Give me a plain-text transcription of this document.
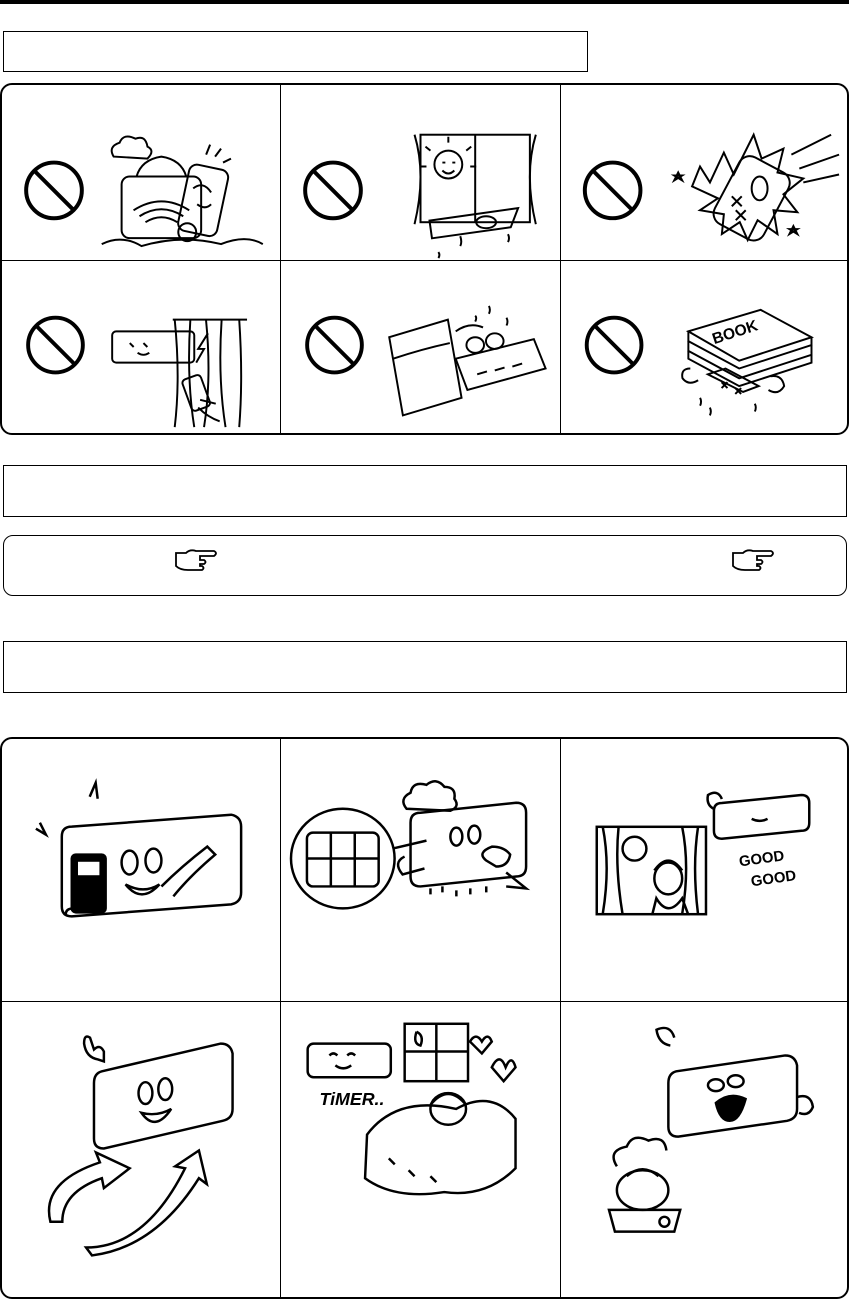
BOOK
GOOD
GOOD
TiMER..
